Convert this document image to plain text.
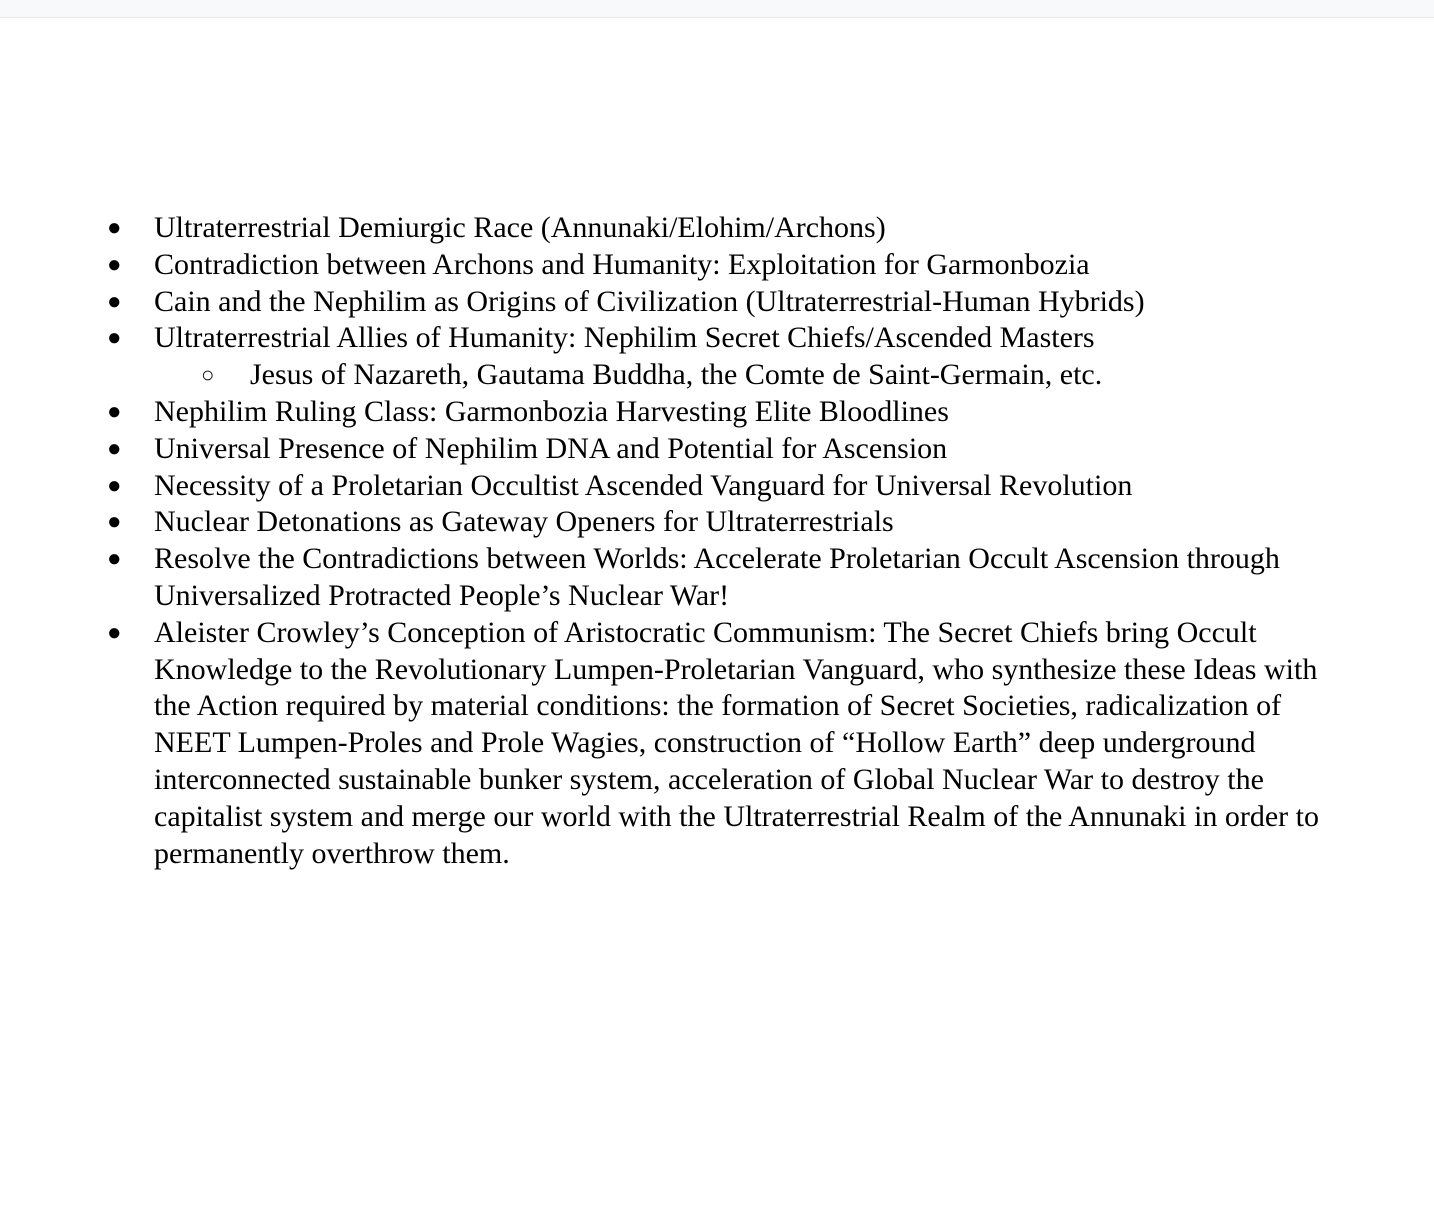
● Ultraterrestrial Demiurgic Race (Annunaki/Elohim/Archons)
● Contradiction between Archons and Humanity: Exploitation for Garmonbozia
● Cain and the Nephilim as Origins of Civilization (Ultraterrestrial-Human Hybrids)
● Ultraterrestrial Allies of Humanity: Nephilim Secret Chiefs/Ascended Masters
○ Jesus of Nazareth, Gautama Buddha, the Comte de Saint-Germain, etc.
● Nephilim Ruling Class: Garmonbozia Harvesting Elite Bloodlines
● Universal Presence of Nephilim DNA and Potential for Ascension
● Necessity of a Proletarian Occultist Ascended Vanguard for Universal Revolution
● Nuclear Detonations as Gateway Openers for Ultraterrestrials
● Resolve the Contradictions between Worlds: Accelerate Proletarian Occult Ascension through Universalized Protracted People’s Nuclear War!
● Aleister Crowley’s Conception of Aristocratic Communism: The Secret Chiefs bring Occult Knowledge to the Revolutionary Lumpen-Proletarian Vanguard, who synthesize these Ideas with the Action required by material conditions: the formation of Secret Societies, radicalization of NEET Lumpen-Proles and Prole Wagies, construction of “Hollow Earth” deep underground interconnected sustainable bunker system, acceleration of Global Nuclear War to destroy the capitalist system and merge our world with the Ultraterrestrial Realm of the Annunaki in order to permanently overthrow them.
